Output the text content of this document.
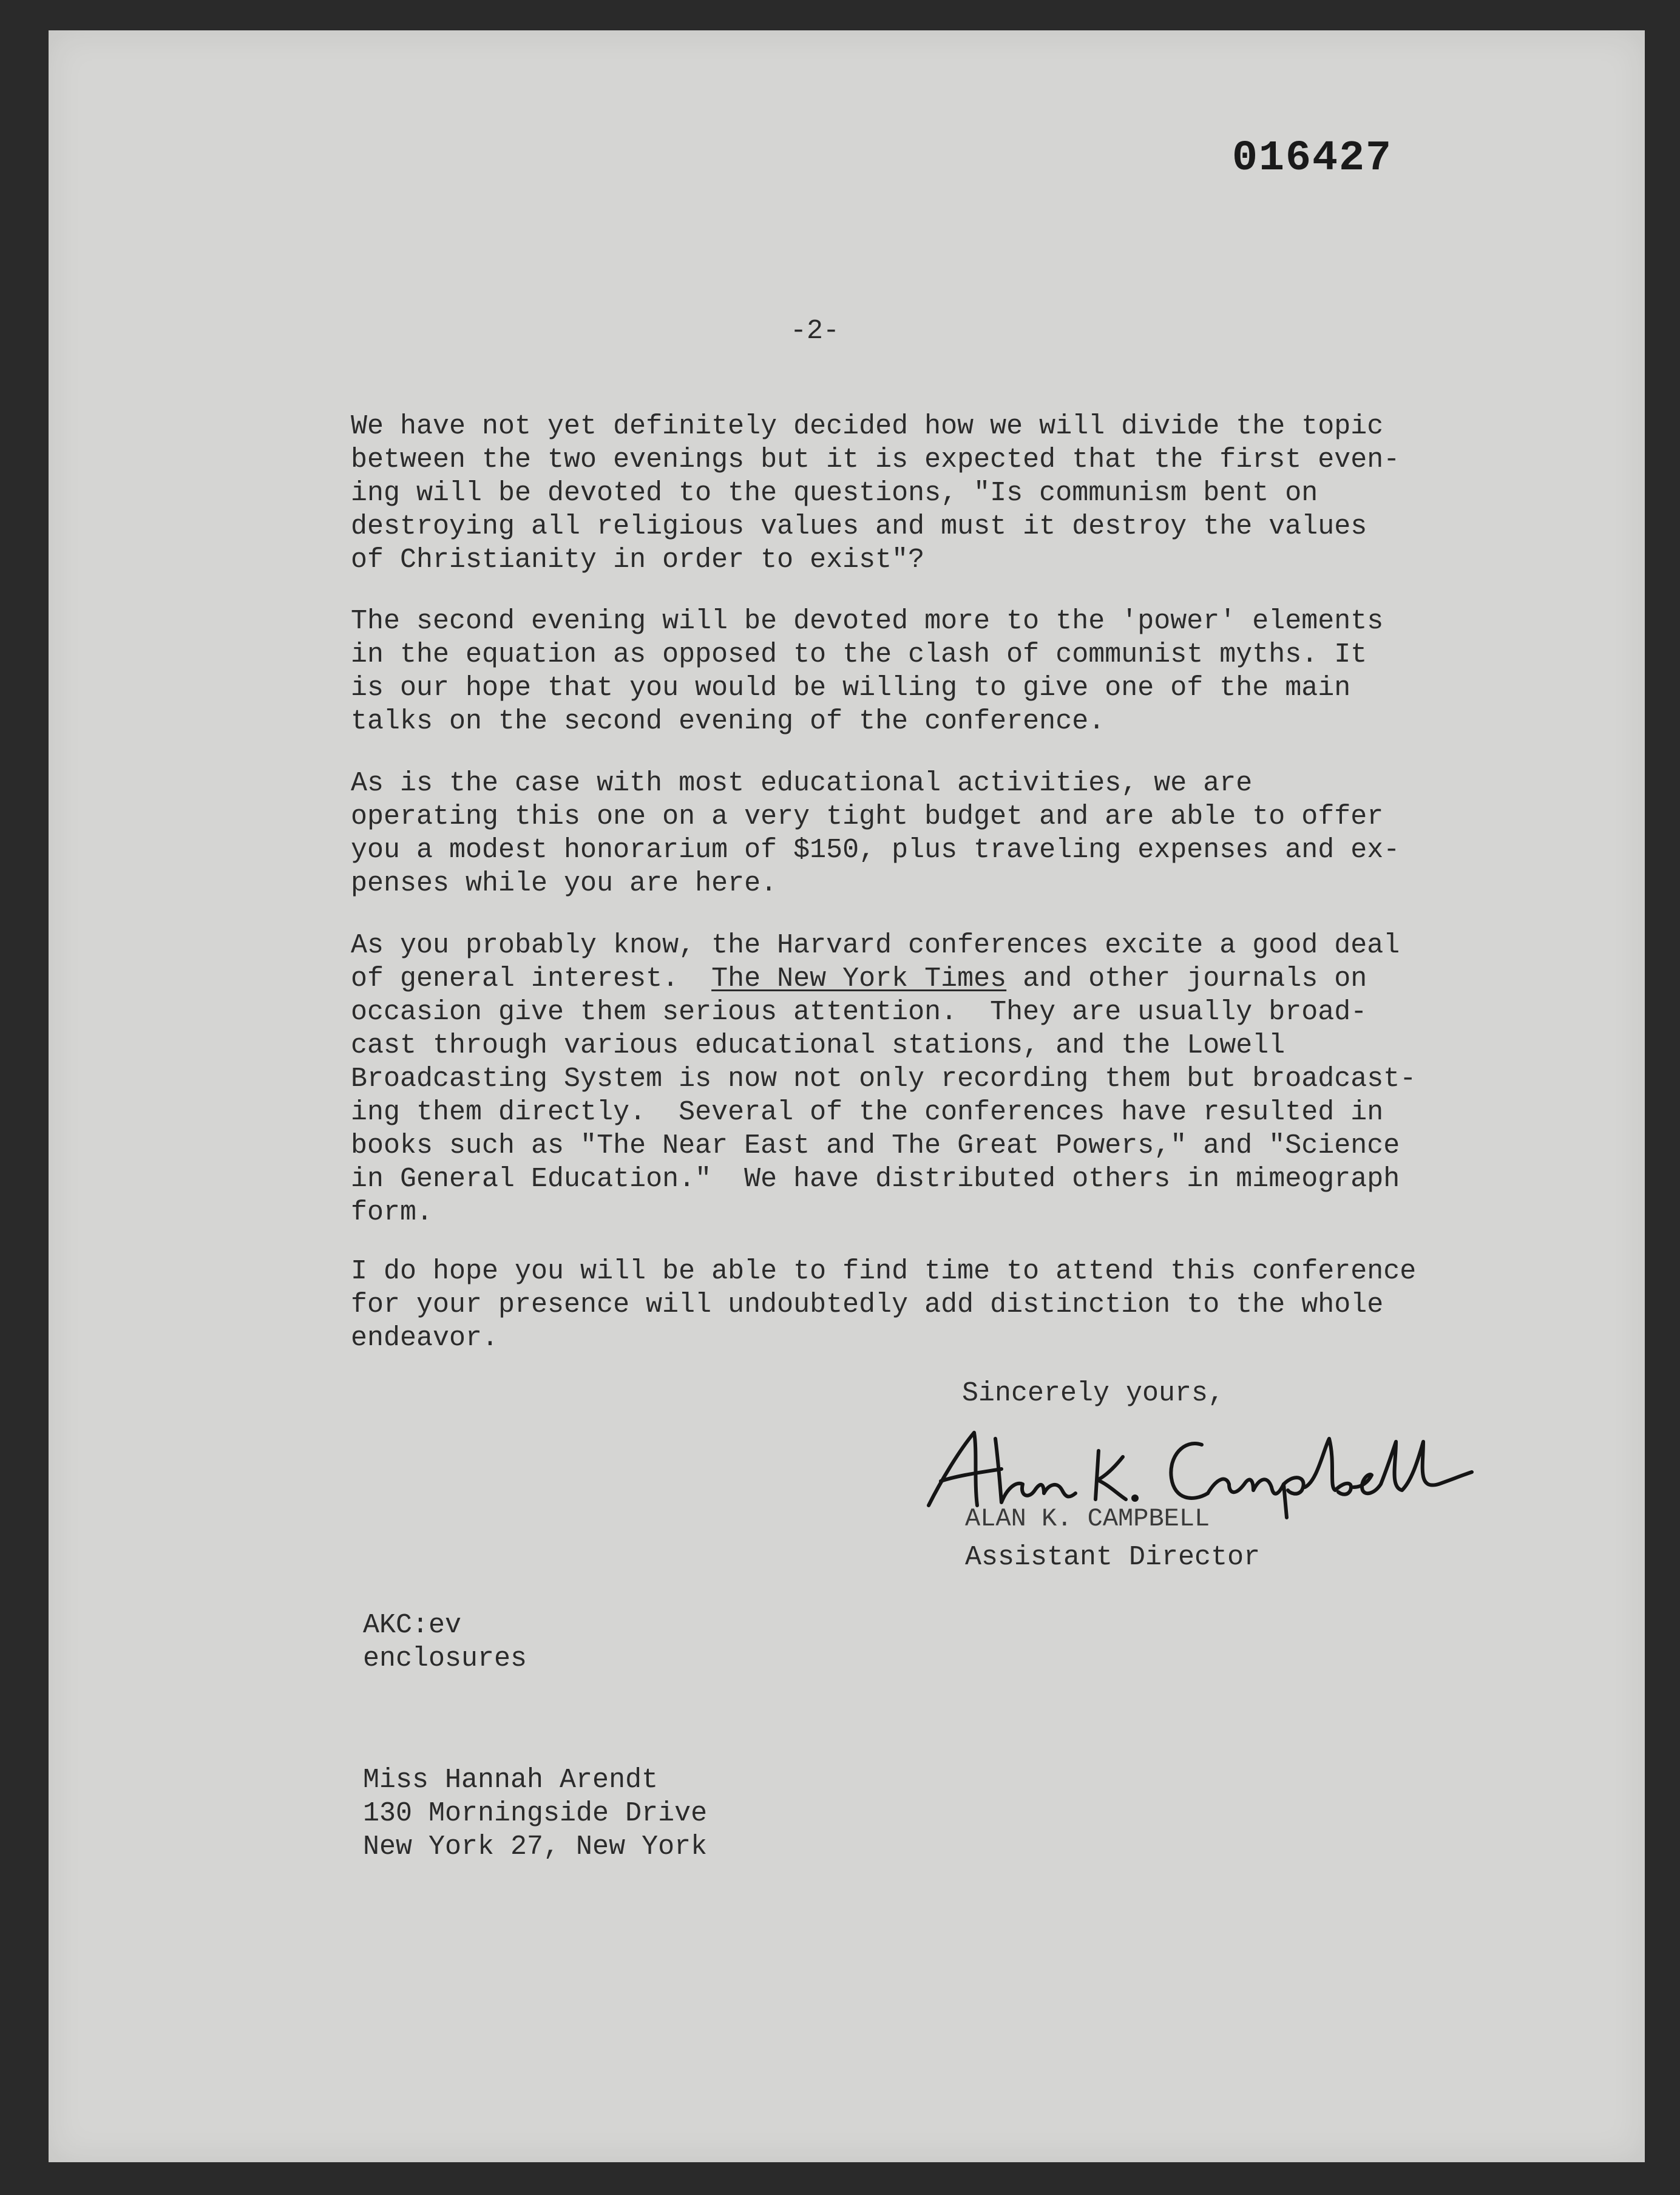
016427
-2-
We have not yet definitely decided how we will divide the topic
between the two evenings but it is expected that the first even-
ing will be devoted to the questions, "Is communism bent on
destroying all religious values and must it destroy the values
of Christianity in order to exist"?
The second evening will be devoted more to the 'power' elements
in the equation as opposed to the clash of communist myths. It
is our hope that you would be willing to give one of the main
talks on the second evening of the conference.
As is the case with most educational activities, we are
operating this one on a very tight budget and are able to offer
you a modest honorarium of $150, plus traveling expenses and ex-
penses while you are here.
As you probably know, the Harvard conferences excite a good deal
of general interest.  The New York Times and other journals on
occasion give them serious attention.  They are usually broad-
cast through various educational stations, and the Lowell
Broadcasting System is now not only recording them but broadcast-
ing them directly.  Several of the conferences have resulted in
books such as "The Near East and The Great Powers," and "Science
in General Education."  We have distributed others in mimeograph
form.
I do hope you will be able to find time to attend this conference
for your presence will undoubtedly add distinction to the whole
endeavor.
Sincerely yours,
ALAN K. CAMPBELL
Assistant Director
AKC:ev
enclosures
Miss Hannah Arendt
130 Morningside Drive
New York 27, New York
